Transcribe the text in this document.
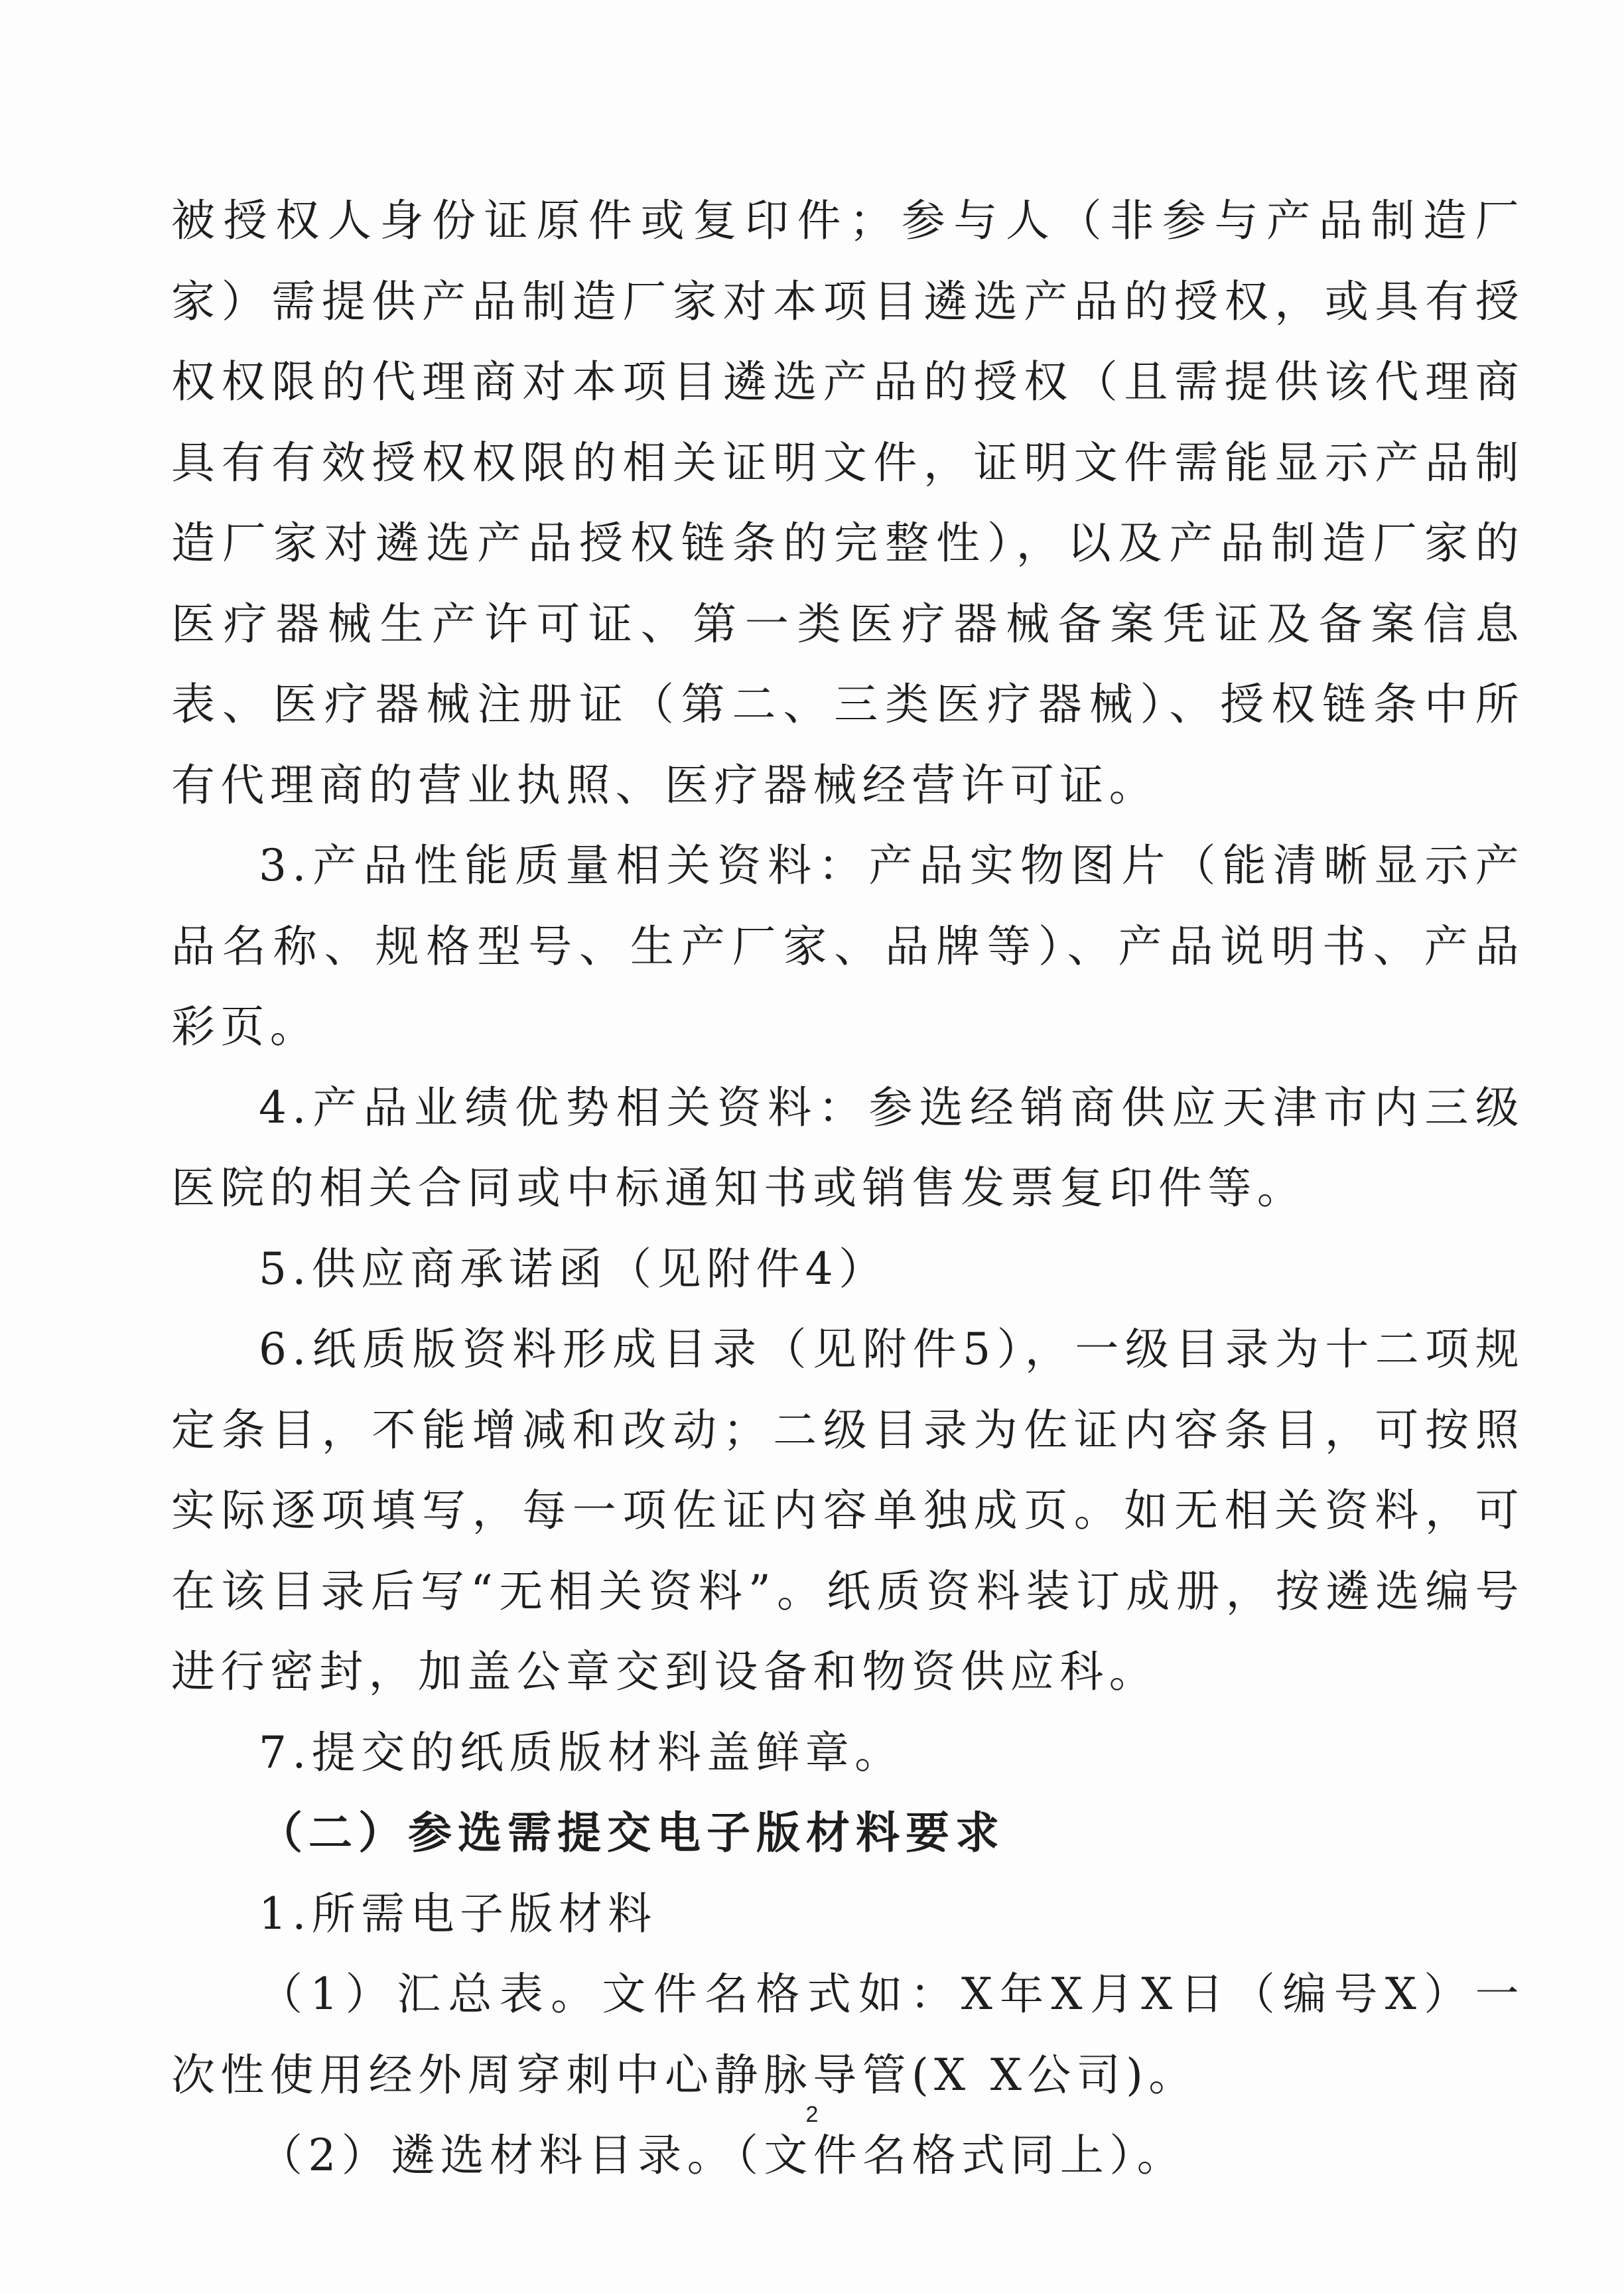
被授权人身份证原件或复印件；参与人（非参与产品制造厂家）需提供产品制造厂家对本项目遴选产品的授权，或具有授权权限的代理商对本项目遴选产品的授权（且需提供该代理商具有有效授权权限的相关证明文件，证明文件需能显示产品制造厂家对遴选产品授权链条的完整性），以及产品制造厂家的医疗器械生产许可证、第一类医疗器械备案凭证及备案信息表、医疗器械注册证（第二、三类医疗器械）、授权链条中所有代理商的营业执照、医疗器械经营许可证。

3.产品性能质量相关资料：产品实物图片（能清晰显示产品名称、规格型号、生产厂家、品牌等）、产品说明书、产品彩页。

4.产品业绩优势相关资料：参选经销商供应天津市内三级医院的相关合同或中标通知书或销售发票复印件等。

5.供应商承诺函（见附件4）

6.纸质版资料形成目录（见附件5），一级目录为十二项规定条目，不能增减和改动；二级目录为佐证内容条目，可按照实际逐项填写，每一项佐证内容单独成页。如无相关资料，可在该目录后写“无相关资料”。纸质资料装订成册，按遴选编号进行密封，加盖公章交到设备和物资供应科。

7.提交的纸质版材料盖鲜章。

（二）参选需提交电子版材料要求

1.所需电子版材料

（1）汇总表。文件名格式如：X年X月X日（编号X）一次性使用经外周穿刺中心静脉导管(X X公司)。

（2）遴选材料目录。（文件名格式同上）。

2
